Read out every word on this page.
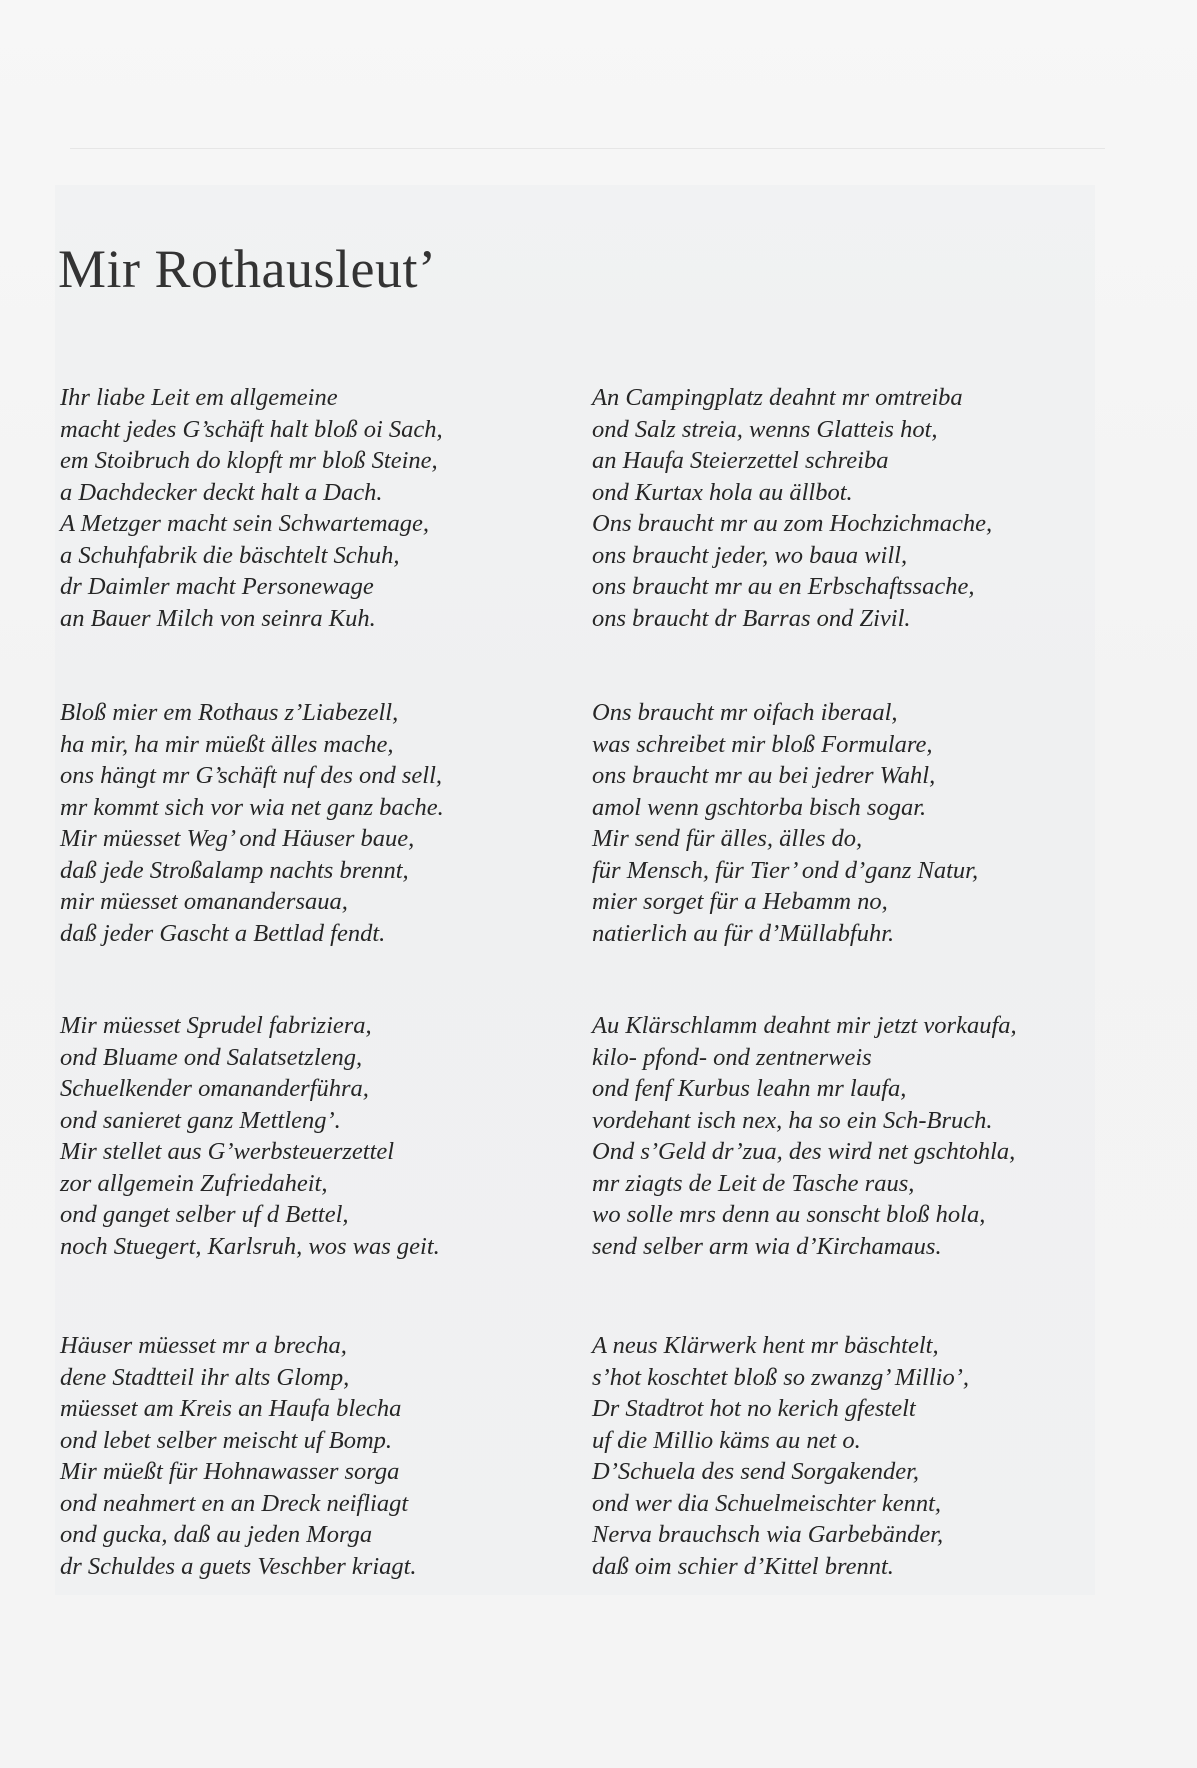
Mir Rothausleut’
Ihr liabe Leit em allgemeine
macht jedes G’schäft halt bloß oi Sach,
em Stoibruch do klopft mr bloß Steine,
a Dachdecker deckt halt a Dach.
A Metzger macht sein Schwartemage,
a Schuhfabrik die bäschtelt Schuh,
dr Daimler macht Personewage
an Bauer Milch von seinra Kuh.
An Campingplatz deahnt mr omtreiba
ond Salz streia, wenns Glatteis hot,
an Haufa Steierzettel schreiba
ond Kurtax hola au ällbot.
Ons braucht mr au zom Hochzichmache,
ons braucht jeder, wo baua will,
ons braucht mr au en Erbschaftssache,
ons braucht dr Barras ond Zivil.
Bloß mier em Rothaus z’Liabezell,
ha mir, ha mir müeßt älles mache,
ons hängt mr G’schäft nuf des ond sell,
mr kommt sich vor wia net ganz bache.
Mir müesset Weg’ ond Häuser baue,
daß jede Stroßalamp nachts brennt,
mir müesset omanandersaua,
daß jeder Gascht a Bettlad fendt.
Ons braucht mr oifach iberaal,
was schreibet mir bloß Formulare,
ons braucht mr au bei jedrer Wahl,
amol wenn gschtorba bisch sogar.
Mir send für älles, älles do,
für Mensch, für Tier’ ond d’ganz Natur,
mier sorget für a Hebamm no,
natierlich au für d’Müllabfuhr.
Mir müesset Sprudel fabriziera,
ond Bluame ond Salatsetzleng,
Schuelkender omananderführa,
ond sanieret ganz Mettleng’.
Mir stellet aus G’werbsteuerzettel
zor allgemein Zufriedaheit,
ond ganget selber uf d Bettel,
noch Stuegert, Karlsruh, wos was geit.
Au Klärschlamm deahnt mir jetzt vorkaufa,
kilo- pfond- ond zentnerweis
ond fenf Kurbus leahn mr laufa,
vordehant isch nex, ha so ein Sch-Bruch.
Ond s’Geld dr’zua, des wird net gschtohla,
mr ziagts de Leit de Tasche raus,
wo solle mrs denn au sonscht bloß hola,
send selber arm wia d’Kirchamaus.
Häuser müesset mr a brecha,
dene Stadtteil ihr alts Glomp,
müesset am Kreis an Haufa blecha
ond lebet selber meischt uf Bomp.
Mir müeßt für Hohnawasser sorga
ond neahmert en an Dreck neifliagt
ond gucka, daß au jeden Morga
dr Schuldes a guets Veschber kriagt.
A neus Klärwerk hent mr bäschtelt,
s’hot koschtet bloß so zwanzg’ Millio’,
Dr Stadtrot hot no kerich gfestelt
uf die Millio käms au net o.
D’Schuela des send Sorgakender,
ond wer dia Schuelmeischter kennt,
Nerva brauchsch wia Garbebänder,
daß oim schier d’Kittel brennt.
